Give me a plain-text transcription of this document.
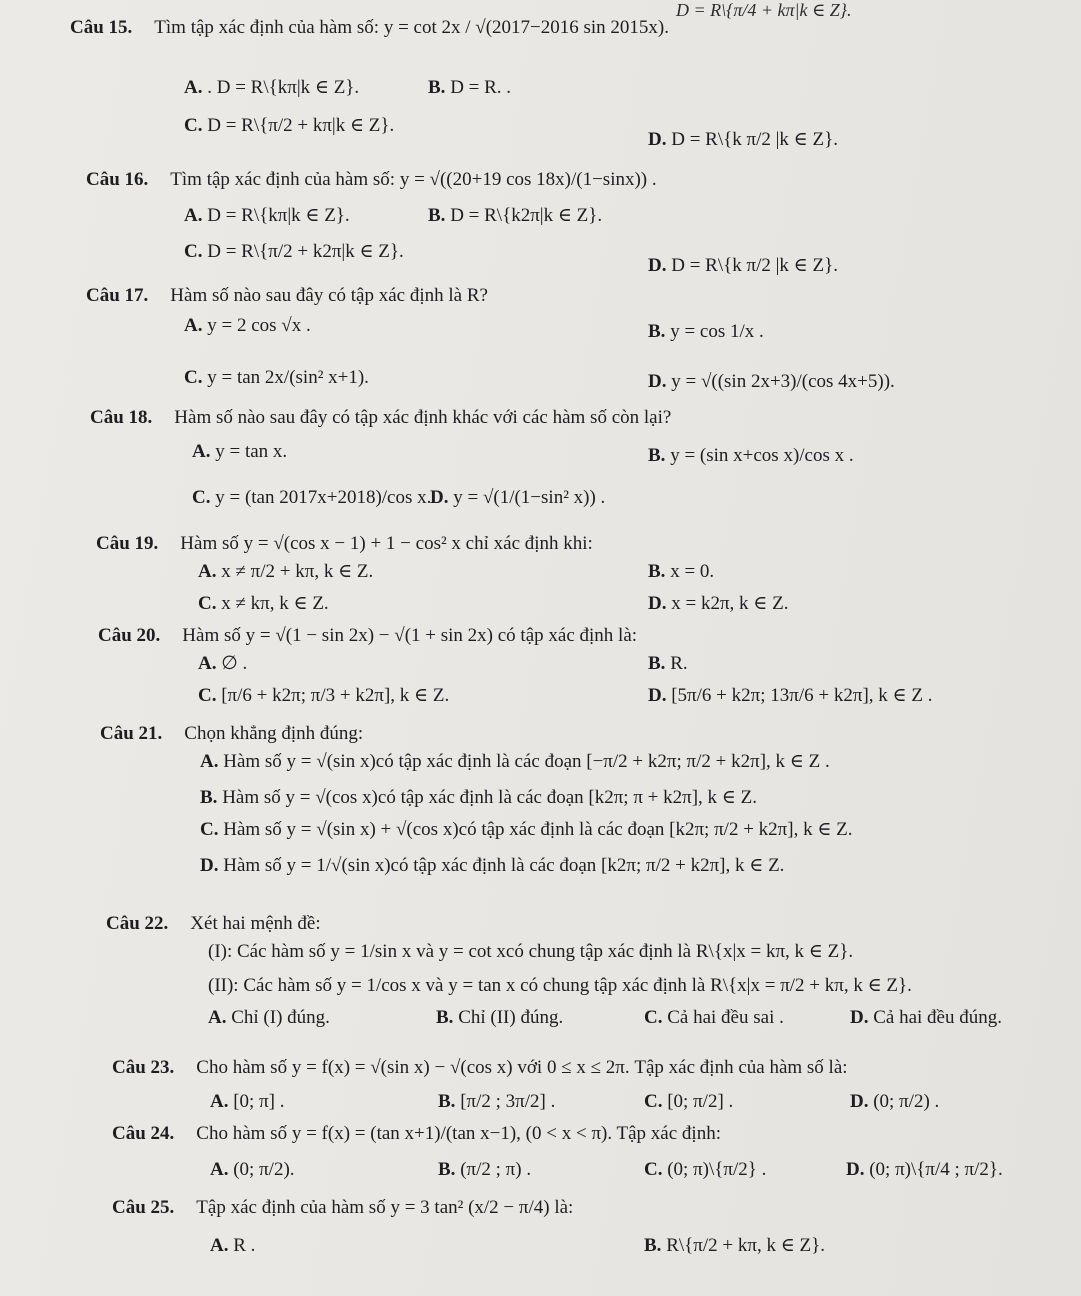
D = R\{π/4 + kπ|k ∈ Z}.
Câu 15. Tìm tập xác định của hàm số: y = cot 2x / √(2017−2016 sin 2015x).
A. . D = R\{kπ|k ∈ Z}.	B. D = R. .
C. D = R\{π/2 + kπ|k ∈ Z}.
D. D = R\{k π/2 |k ∈ Z}.
Câu 16. Tìm tập xác định của hàm số: y = √((20+19 cos 18x)/(1−sinx)) .
A. D = R\{kπ|k ∈ Z}.	B. D = R\{k2π|k ∈ Z}.
C. D = R\{π/2 + k2π|k ∈ Z}.
D. D = R\{k π/2 |k ∈ Z}.
Câu 17. Hàm số nào sau đây có tập xác định là R?
A. y = 2 cos √x .	B. y = cos 1/x .
C. y = tan 2x/(sin² x+1).	D. y = √((sin 2x+3)/(cos 4x+5)).
Câu 18. Hàm số nào sau đây có tập xác định khác với các hàm số còn lại?
A. y = tan x.	B. y = (sin x+cos x)/cos x .
C. y = (tan 2017x+2018)/cos x.
D. y = √(1/(1−sin² x)) .
Câu 19. Hàm số y = √(cos x − 1) + 1 − cos² x chỉ xác định khi:
A. x ≠ π/2 + kπ, k ∈ Z.	B. x = 0.
C. x ≠ kπ, k ∈ Z.	D. x = k2π, k ∈ Z.
Câu 20. Hàm số y = √(1 − sin 2x) − √(1 + sin 2x) có tập xác định là:
A. ∅ .	B. R.
C. [π/6 + k2π; π/3 + k2π], k ∈ Z.	D. [5π/6 + k2π; 13π/6 + k2π], k ∈ Z .
Câu 21. Chọn khẳng định đúng:
A. Hàm số y = √(sin x)có tập xác định là các đoạn [−π/2 + k2π; π/2 + k2π], k ∈ Z .
B. Hàm số y = √(cos x)có tập xác định là các đoạn [k2π; π + k2π], k ∈ Z.
C. Hàm số y = √(sin x) + √(cos x)có tập xác định là các đoạn [k2π; π/2 + k2π], k ∈ Z.
D. Hàm số y = 1/√(sin x)có tập xác định là các đoạn [k2π; π/2 + k2π], k ∈ Z.
Câu 22. Xét hai mệnh đề:
(I): Các hàm số y = 1/sin x và y = cot xcó chung tập xác định là R\{x|x = kπ, k ∈ Z}.
(II): Các hàm số y = 1/cos x và y = tan x có chung tập xác định là R\{x|x = π/2 + kπ, k ∈ Z}.
A. Chỉ (I) đúng.	B. Chỉ (II) đúng.	C. Cả hai đều sai .	D. Cả hai đều đúng.
Câu 23. Cho hàm số y = f(x) = √(sin x) − √(cos x) với 0 ≤ x ≤ 2π. Tập xác định của hàm số là:
A. [0; π] .	B. [π/2 ; 3π/2] .	C. [0; π/2] .	D. (0; π/2) .
Câu 24. Cho hàm số y = f(x) = (tan x+1)/(tan x−1), (0 < x < π). Tập xác định:
A. (0; π/2).	B. (π/2 ; π) .	C. (0; π)\{π/2} .	D. (0; π)\{π/4 ; π/2}.
Câu 25. Tập xác định của hàm số y = 3 tan² (x/2 − π/4) là:
A. R .	B. R\{π/2 + kπ, k ∈ Z}.
